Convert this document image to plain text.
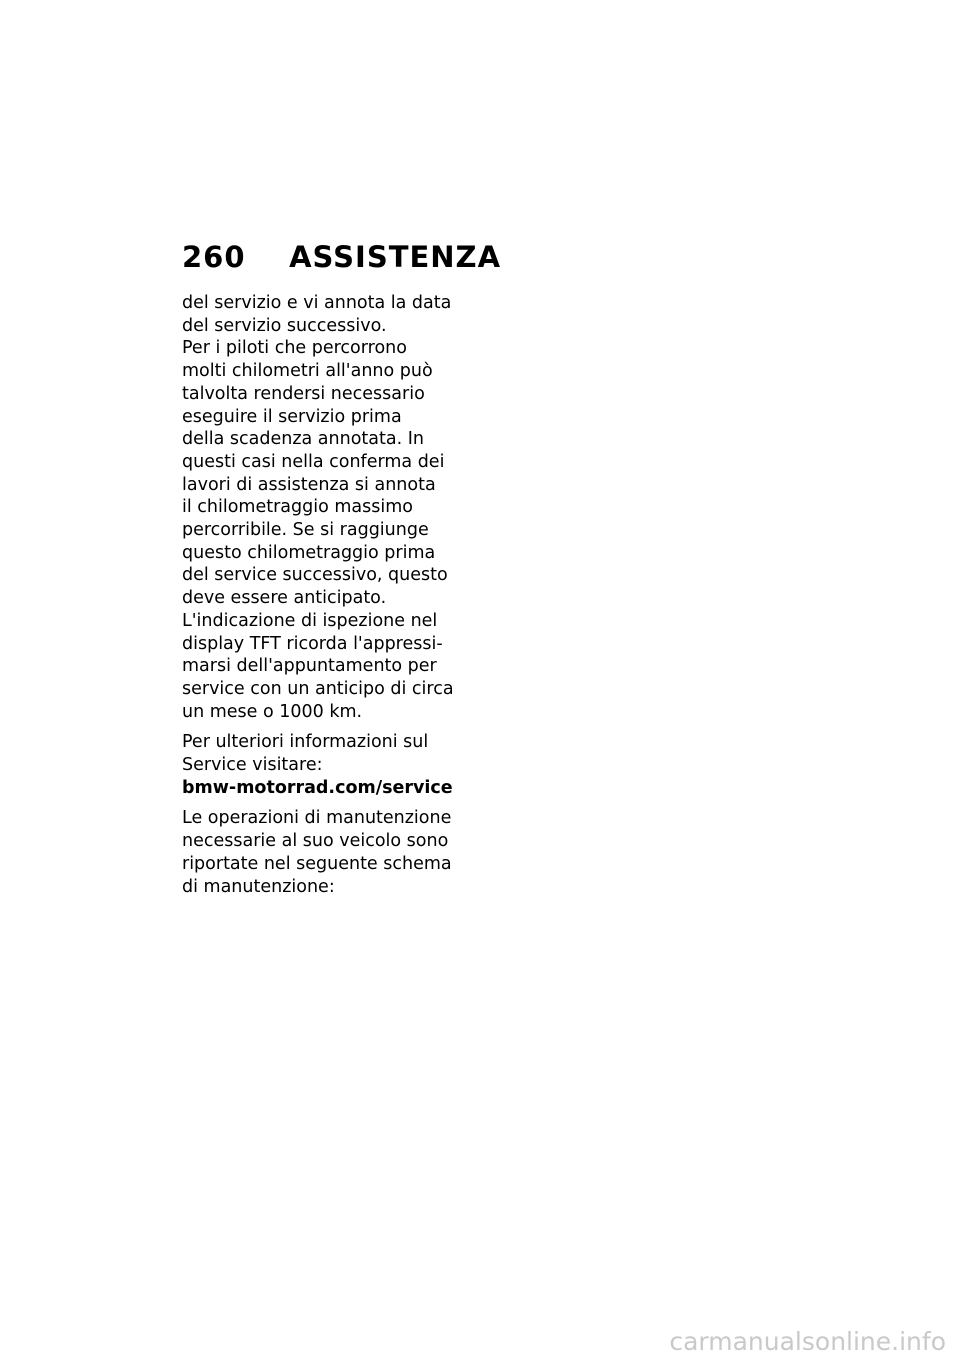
260 ASSISTENZA

del servizio e vi annota la data
del servizio successivo.
Per i piloti che percorrono
molti chilometri all'anno può
talvolta rendersi necessario
eseguire il servizio prima
della scadenza annotata. In
questi casi nella conferma dei
lavori di assistenza si annota
il chilometraggio massimo
percorribile. Se si raggiunge
questo chilometraggio prima
del service successivo, questo
deve essere anticipato.
L'indicazione di ispezione nel
display TFT ricorda l'appressi-
marsi dell'appuntamento per
service con un anticipo di circa
un mese o 1000 km.

Per ulteriori informazioni sul
Service visitare:
bmw-motorrad.com/service

Le operazioni di manutenzione
necessarie al suo veicolo sono
riportate nel seguente schema
di manutenzione:

carmanualsonline.info
